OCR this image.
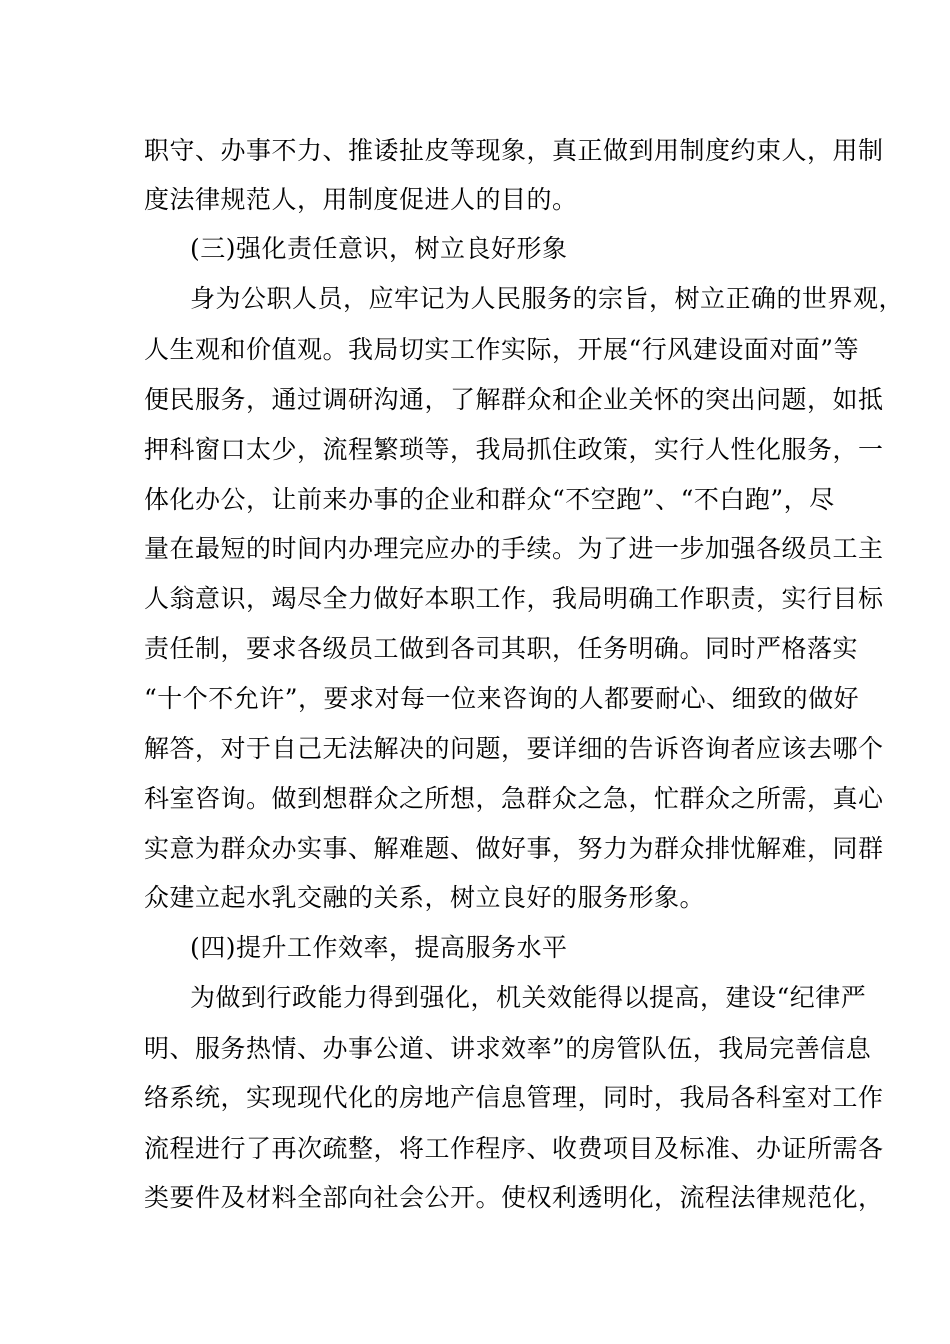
职守、办事不力、推诿扯皮等现象，真正做到用制度约束人，用制
度法律规范人，用制度促进人的目的。
(三)强化责任意识，树立良好形象
身为公职人员，应牢记为人民服务的宗旨，树立正确的世界观，
人生观和价值观。我局切实工作实际，开展“行风建设面对面”等
便民服务，通过调研沟通，了解群众和企业关怀的突出问题，如抵
押科窗口太少，流程繁琐等，我局抓住政策，实行人性化服务，一
体化办公，让前来办事的企业和群众“不空跑”、“不白跑”，尽
量在最短的时间内办理完应办的手续。为了进一步加强各级员工主
人翁意识，竭尽全力做好本职工作，我局明确工作职责，实行目标
责任制，要求各级员工做到各司其职，任务明确。同时严格落实
“十个不允许”，要求对每一位来咨询的人都要耐心、细致的做好
解答，对于自己无法解决的问题，要详细的告诉咨询者应该去哪个
科室咨询。做到想群众之所想，急群众之急，忙群众之所需，真心
实意为群众办实事、解难题、做好事，努力为群众排忧解难，同群
众建立起水乳交融的关系，树立良好的服务形象。
(四)提升工作效率，提高服务水平
为做到行政能力得到强化，机关效能得以提高，建设“纪律严
明、服务热情、办事公道、讲求效率”的房管队伍，我局完善信息
络系统，实现现代化的房地产信息管理，同时，我局各科室对工作
流程进行了再次疏整，将工作程序、收费项目及标准、办证所需各
类要件及材料全部向社会公开。使权利透明化，流程法律规范化，
